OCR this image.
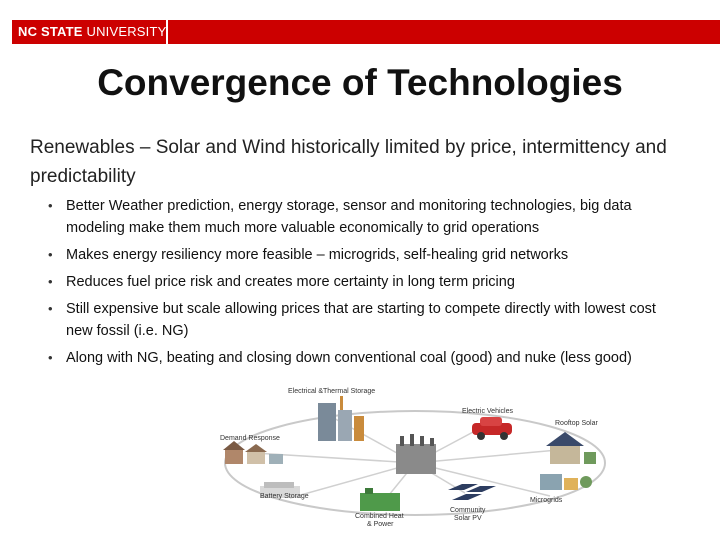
NC STATE UNIVERSITY
Convergence of Technologies
Renewables – Solar and Wind historically limited by price, intermittency and predictability
• Better Weather prediction, energy storage, sensor and monitoring technologies, big data modeling make them much more valuable economically to grid operations
• Makes energy resiliency more feasible – microgrids, self-healing grid networks
• Reduces fuel price risk and creates more certainty in long term pricing
• Still expensive but scale allowing prices that are starting to compete directly with lowest cost new fossil (i.e. NG)
• Along with NG, beating and closing down conventional coal (good) and nuke (less good)
Electrical &Thermal Storage
Electric Vehicles
Demand Response
Rooftop Solar
Battery Storage
Combined Heat
& Power
Community
Solar PV
Microgrids
